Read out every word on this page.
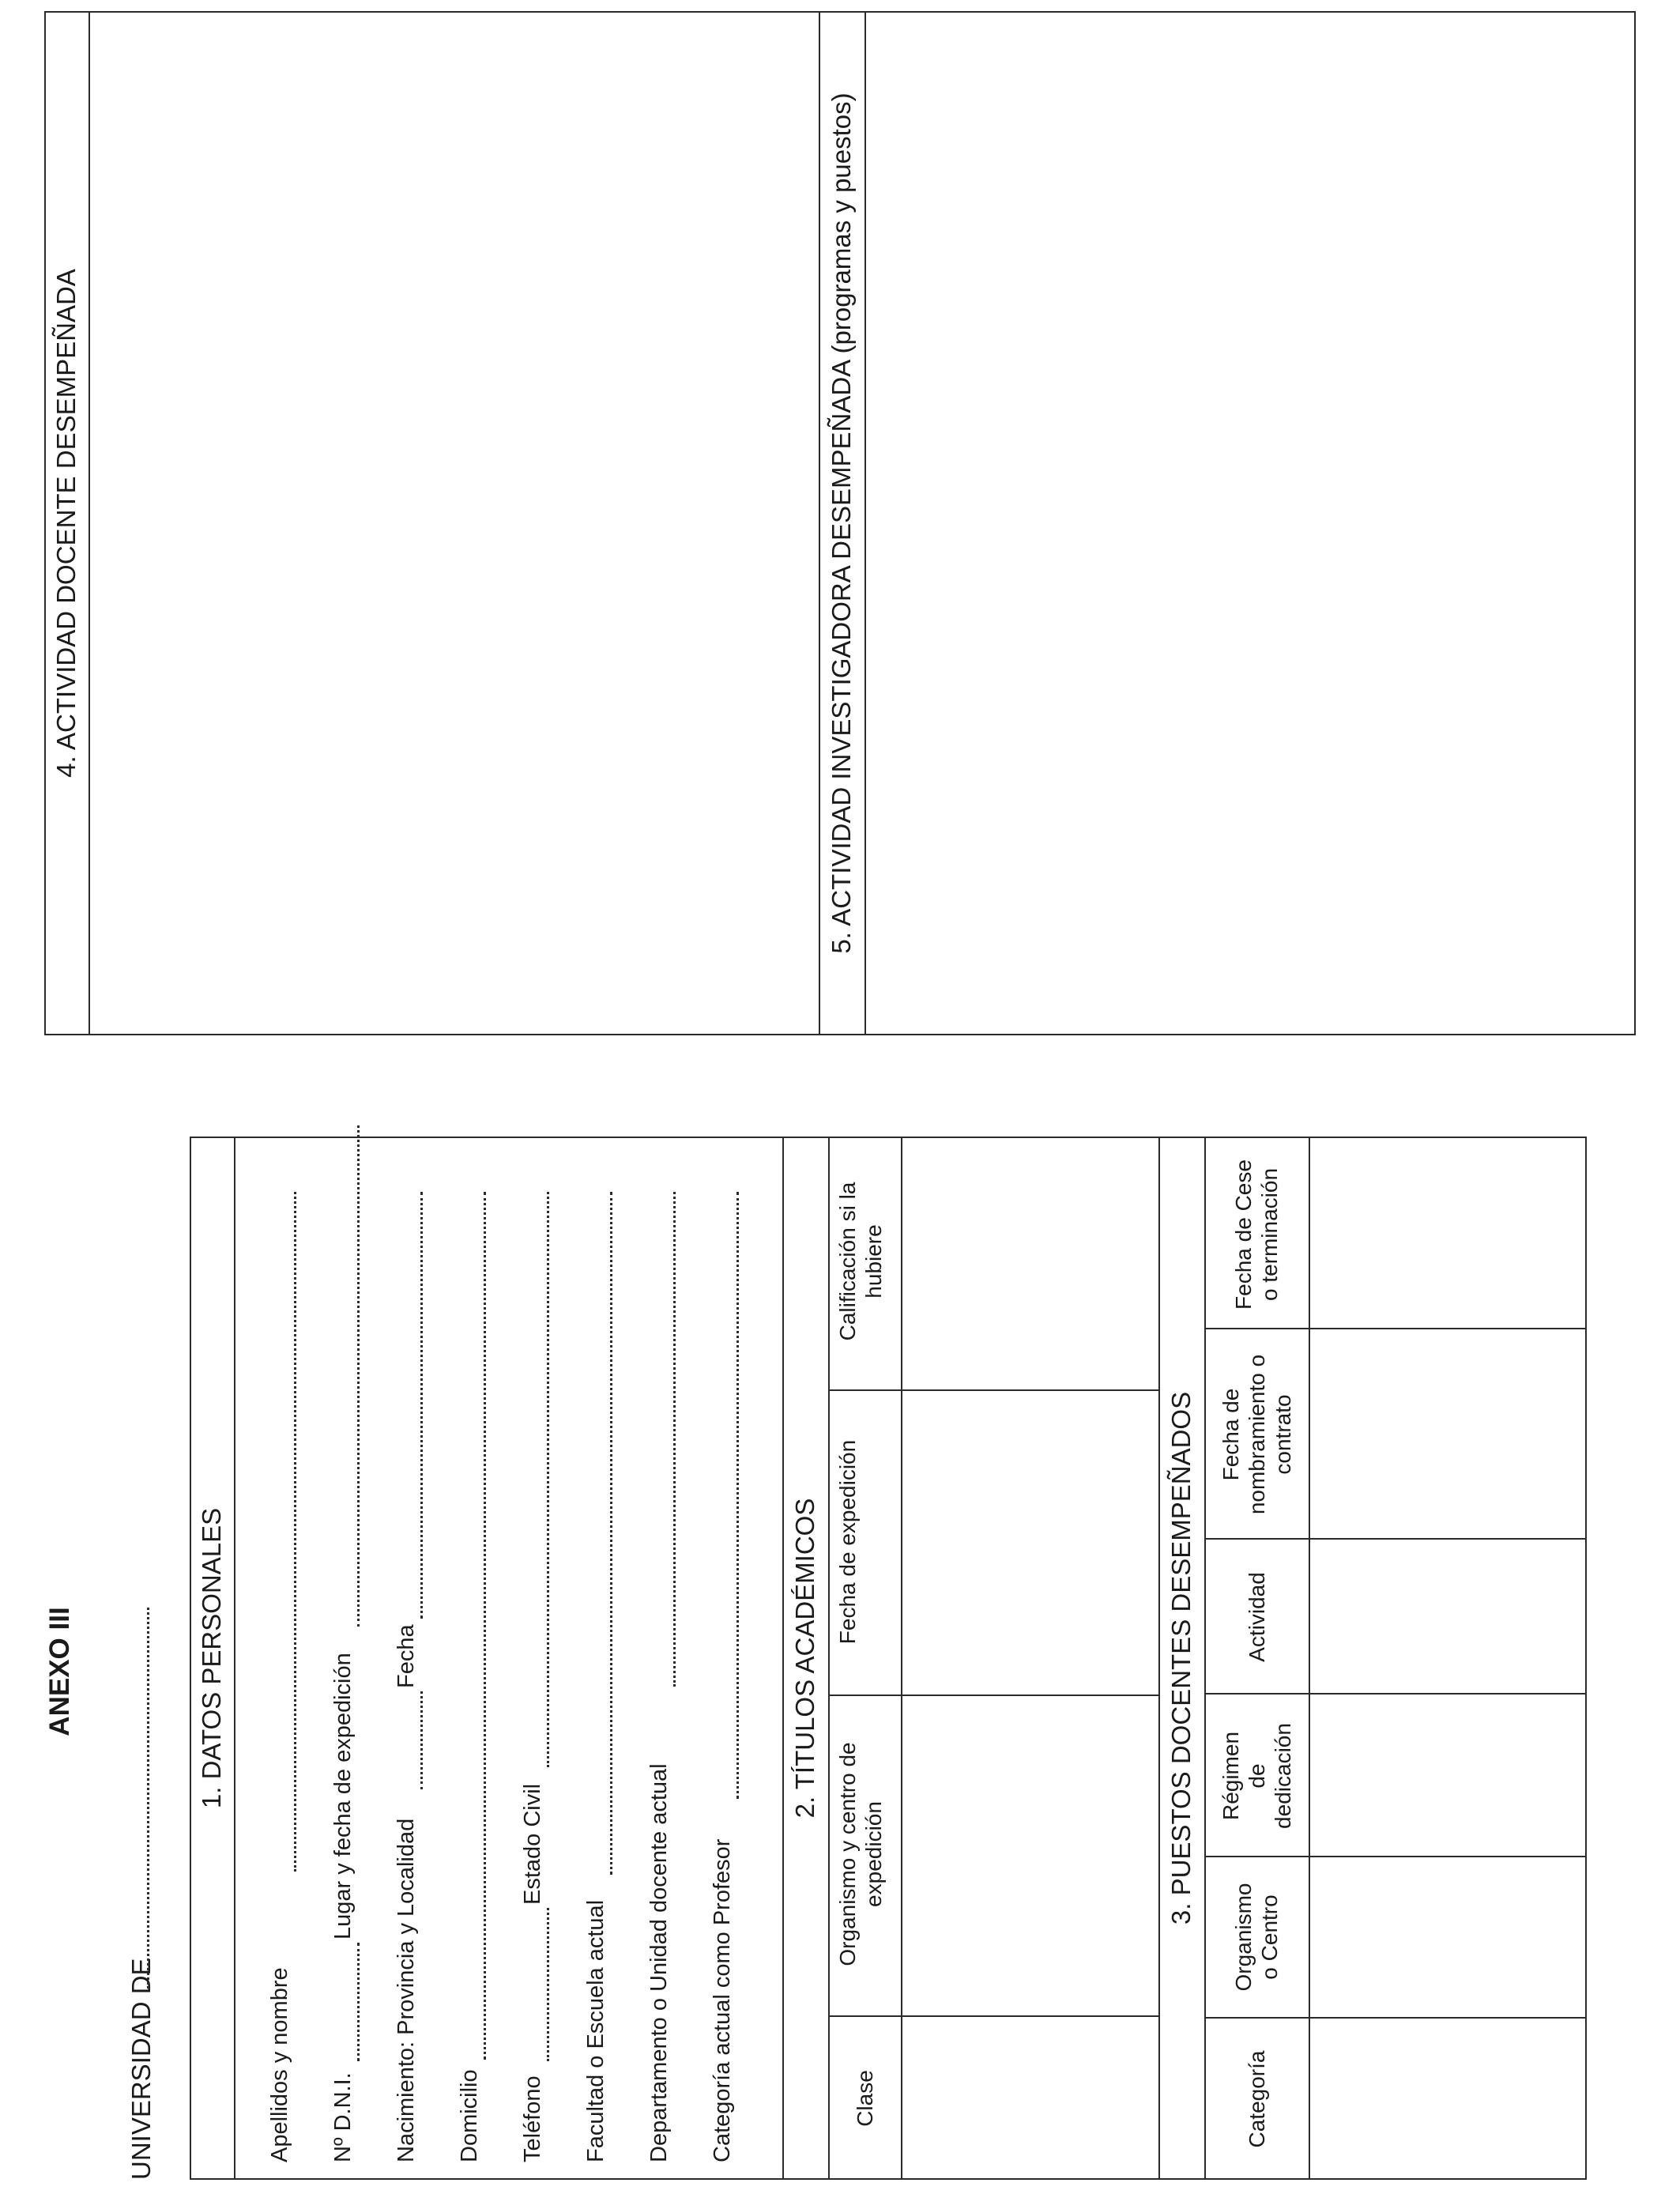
ANEXO III
UNIVERSIDAD DE
1. DATOS PERSONALES
Apellidos y nombre Nº D.N.I.
Lugar y fecha de expedición
Nacimiento: Provincia y Localidad
Fecha
Domicilio Teléfono
Estado Civil
Facultad o Escuela actual Departamento o Unidad docente actual Categoría actual como Profesor
2. TÍTULOS ACADÉMICOS
Clase
Organismo y centro de expedición
Fecha de expedición
Calificación si la hubiere
3. PUESTOS DOCENTES DESEMPEÑADOS
Categoría
Organismo o Centro
Régimen de dedicación
Actividad
Fecha de nombramiento o contrato
Fecha de Cese o terminación
4. ACTIVIDAD DOCENTE DESEMPEÑADA	5. ACTIVIDAD INVESTIGADORA DESEMPEÑADA (programas y puestos)
